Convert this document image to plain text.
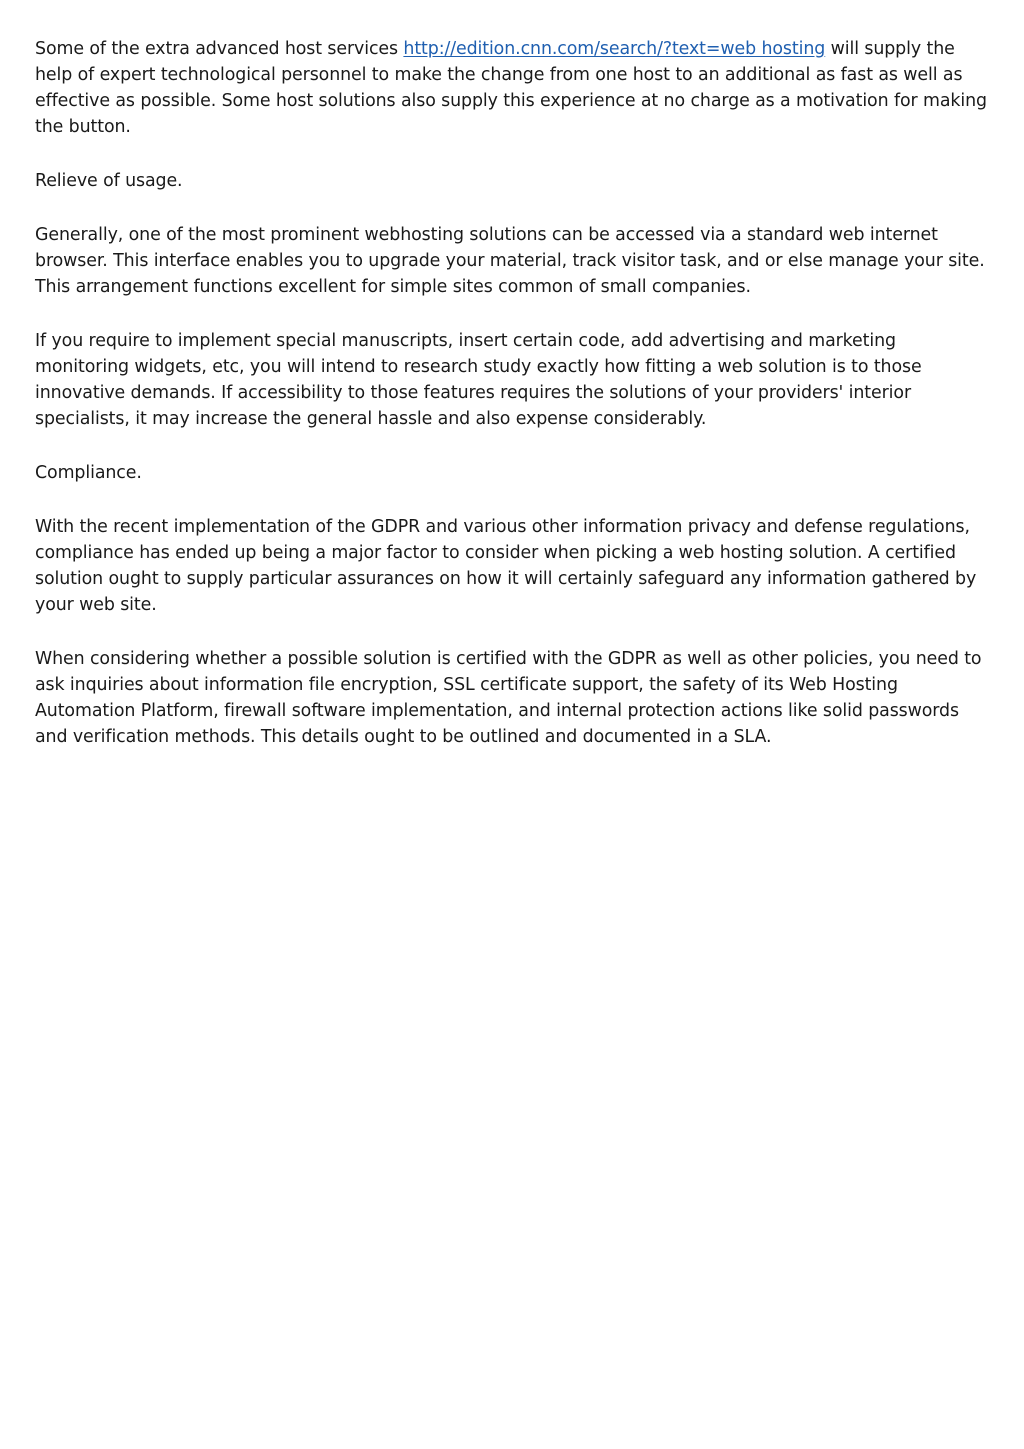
Some of the extra advanced host services http://edition.cnn.com/search/?text=web hosting will supply the help of expert technological personnel to make the change from one host to an additional as fast as well as effective as possible. Some host solutions also supply this experience at no charge as a motivation for making the button.

Relieve of usage.

Generally, one of the most prominent webhosting solutions can be accessed via a standard web internet browser. This interface enables you to upgrade your material, track visitor task, and or else manage your site. This arrangement functions excellent for simple sites common of small companies.

If you require to implement special manuscripts, insert certain code, add advertising and marketing monitoring widgets, etc, you will intend to research study exactly how fitting a web solution is to those innovative demands. If accessibility to those features requires the solutions of your providers' interior specialists, it may increase the general hassle and also expense considerably.

Compliance.

With the recent implementation of the GDPR and various other information privacy and defense regulations, compliance has ended up being a major factor to consider when picking a web hosting solution. A certified solution ought to supply particular assurances on how it will certainly safeguard any information gathered by your web site.

When considering whether a possible solution is certified with the GDPR as well as other policies, you need to ask inquiries about information file encryption, SSL certificate support, the safety of its Web Hosting Automation Platform, firewall software implementation, and internal protection actions like solid passwords and verification methods. This details ought to be outlined and documented in a SLA.
